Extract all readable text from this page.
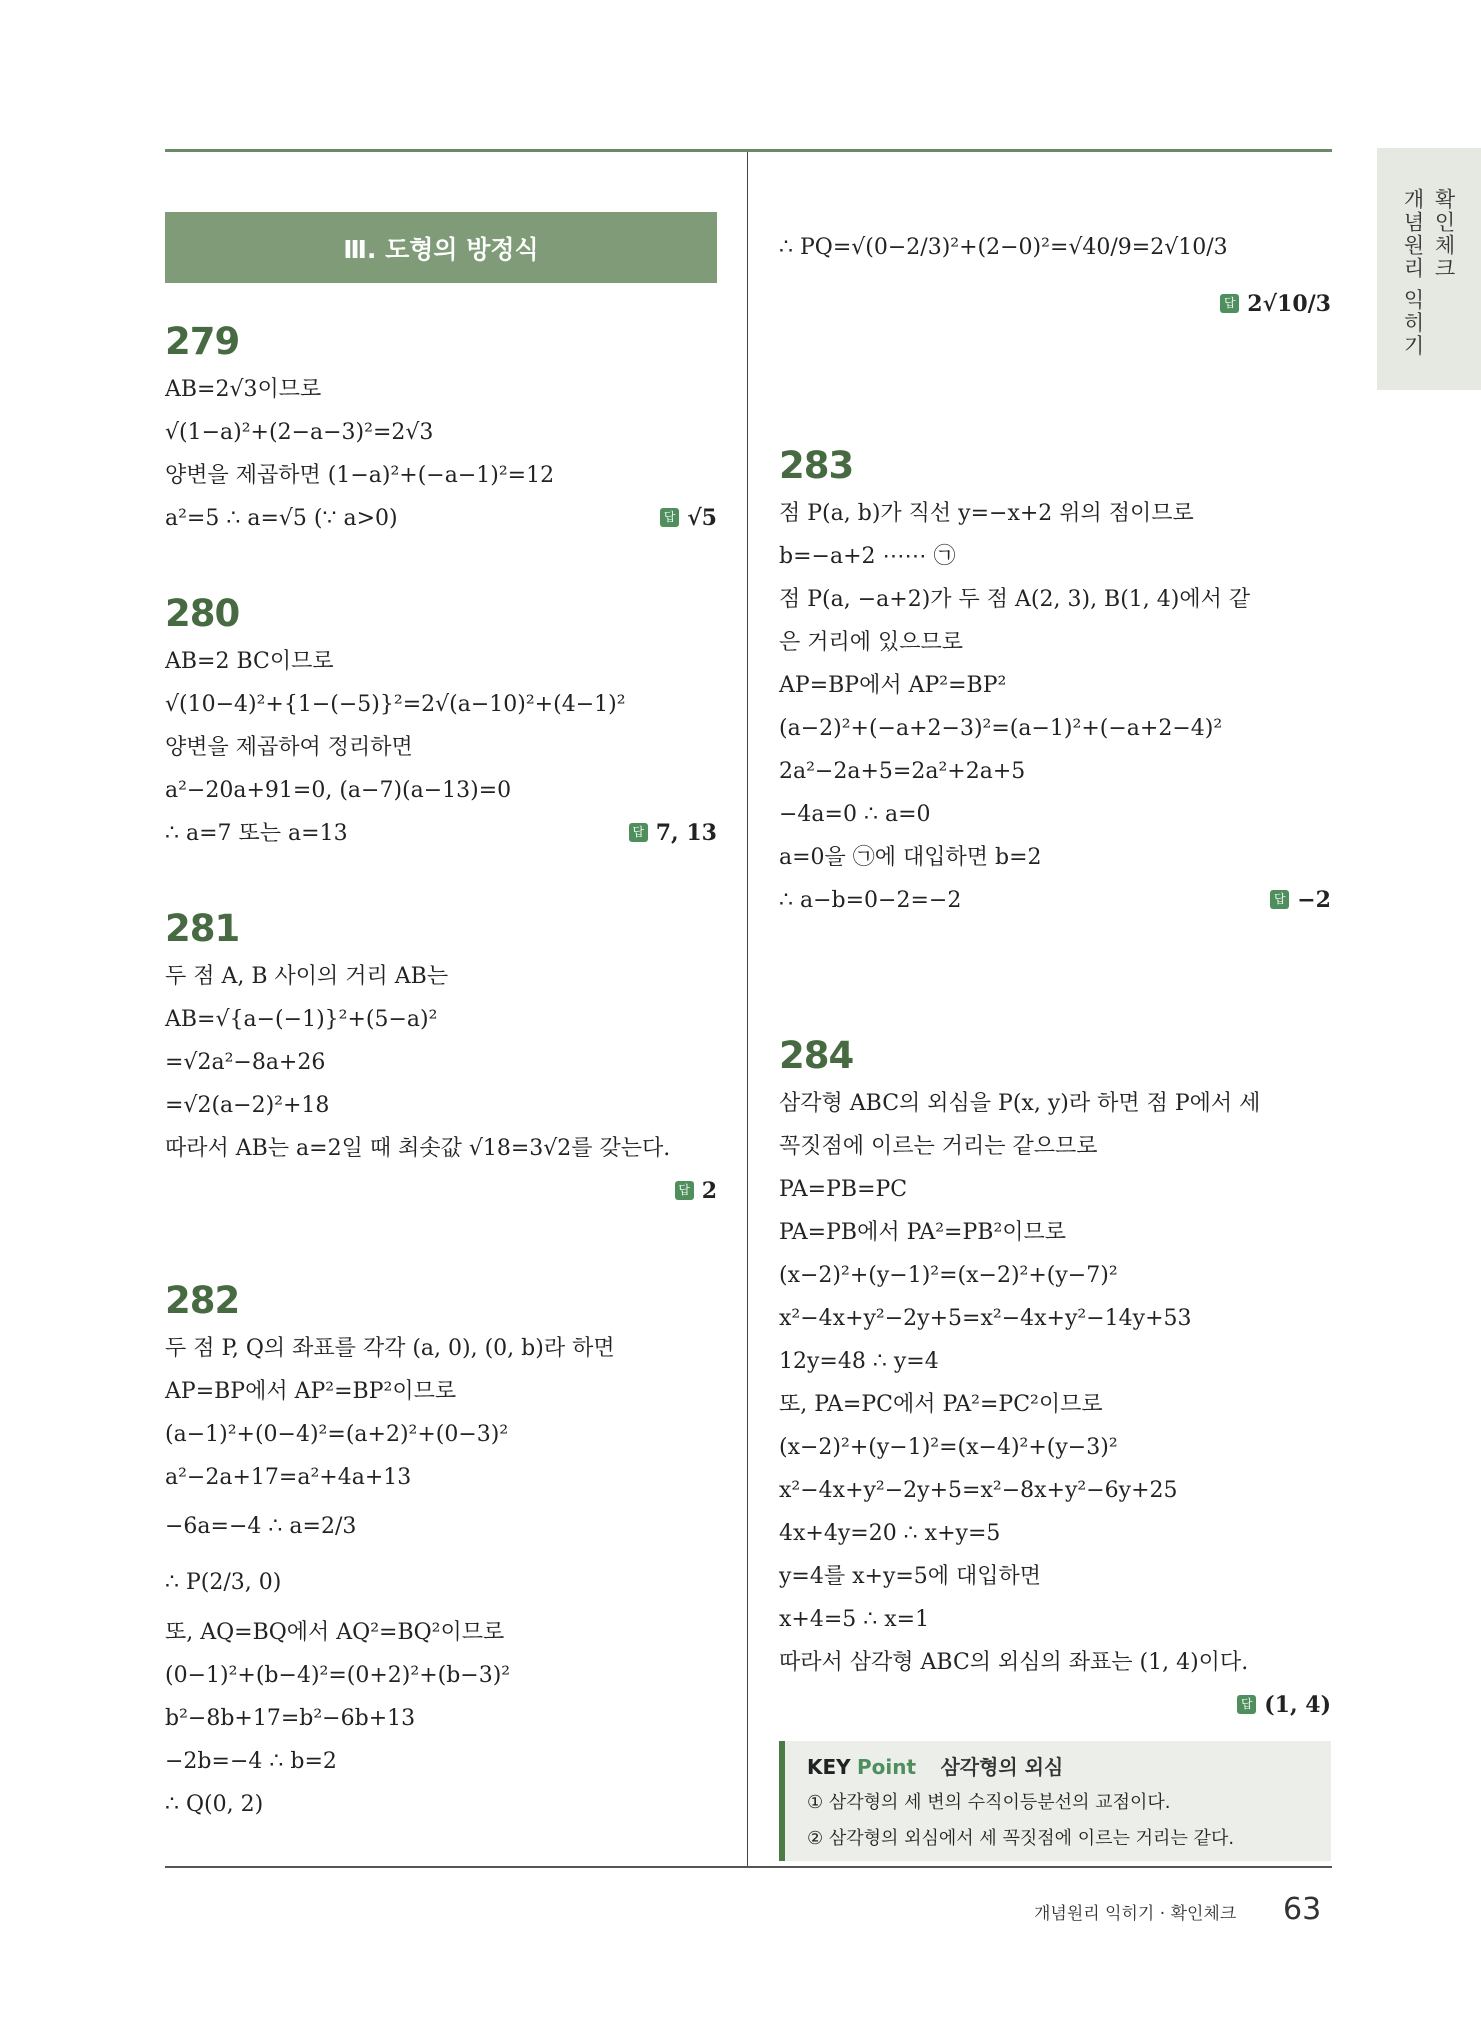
확인체크
개념원리 익히기
Ⅲ. 도형의 방정식
279
AB=2√3이므로
√(1−a)²+(2−a−3)²=2√3
양변을 제곱하면 (1−a)²+(−a−1)²=12
a²=5 ∴ a=√5 (∵ a>0)	답 √5
280
AB=2 BC이므로
√(10−4)²+{1−(−5)}²=2√(a−10)²+(4−1)²
양변을 제곱하여 정리하면
a²−20a+91=0, (a−7)(a−13)=0
∴ a=7 또는 a=13	답 7, 13
281
두 점 A, B 사이의 거리 AB는
AB=√{a−(−1)}²+(5−a)²
=√2a²−8a+26
=√2(a−2)²+18
따라서 AB는 a=2일 때 최솟값 √18=3√2를 갖는다.
답 2
282
두 점 P, Q의 좌표를 각각 (a, 0), (0, b)라 하면
AP=BP에서 AP²=BP²이므로
(a−1)²+(0−4)²=(a+2)²+(0−3)²
a²−2a+17=a²+4a+13
−6a=−4 ∴ a=2/3
∴ P(2/3, 0)
또, AQ=BQ에서 AQ²=BQ²이므로
(0−1)²+(b−4)²=(0+2)²+(b−3)²
b²−8b+17=b²−6b+13
−2b=−4 ∴ b=2
∴ Q(0, 2)
∴ PQ=√(0−2/3)²+(2−0)²=√40/9=2√10/3
답 2√10/3
283
점 P(a, b)가 직선 y=−x+2 위의 점이므로
b=−a+2 ⋯⋯ ㉠
점 P(a, −a+2)가 두 점 A(2, 3), B(1, 4)에서 같
은 거리에 있으므로
AP=BP에서 AP²=BP²
(a−2)²+(−a+2−3)²=(a−1)²+(−a+2−4)²
2a²−2a+5=2a²+2a+5
−4a=0 ∴ a=0
a=0을 ㉠에 대입하면 b=2
∴ a−b=0−2=−2	답 −2
284
삼각형 ABC의 외심을 P(x, y)라 하면 점 P에서 세
꼭짓점에 이르는 거리는 같으므로
PA=PB=PC
PA=PB에서 PA²=PB²이므로
(x−2)²+(y−1)²=(x−2)²+(y−7)²
x²−4x+y²−2y+5=x²−4x+y²−14y+53
12y=48 ∴ y=4
또, PA=PC에서 PA²=PC²이므로
(x−2)²+(y−1)²=(x−4)²+(y−3)²
x²−4x+y²−2y+5=x²−8x+y²−6y+25
4x+4y=20 ∴ x+y=5
y=4를 x+y=5에 대입하면
x+4=5 ∴ x=1
따라서 삼각형 ABC의 외심의 좌표는 (1, 4)이다.
답 (1, 4)
KEY Point 삼각형의 외심
① 삼각형의 세 변의 수직이등분선의 교점이다.
② 삼각형의 외심에서 세 꼭짓점에 이르는 거리는 같다.
개념원리 익히기 · 확인체크 63
